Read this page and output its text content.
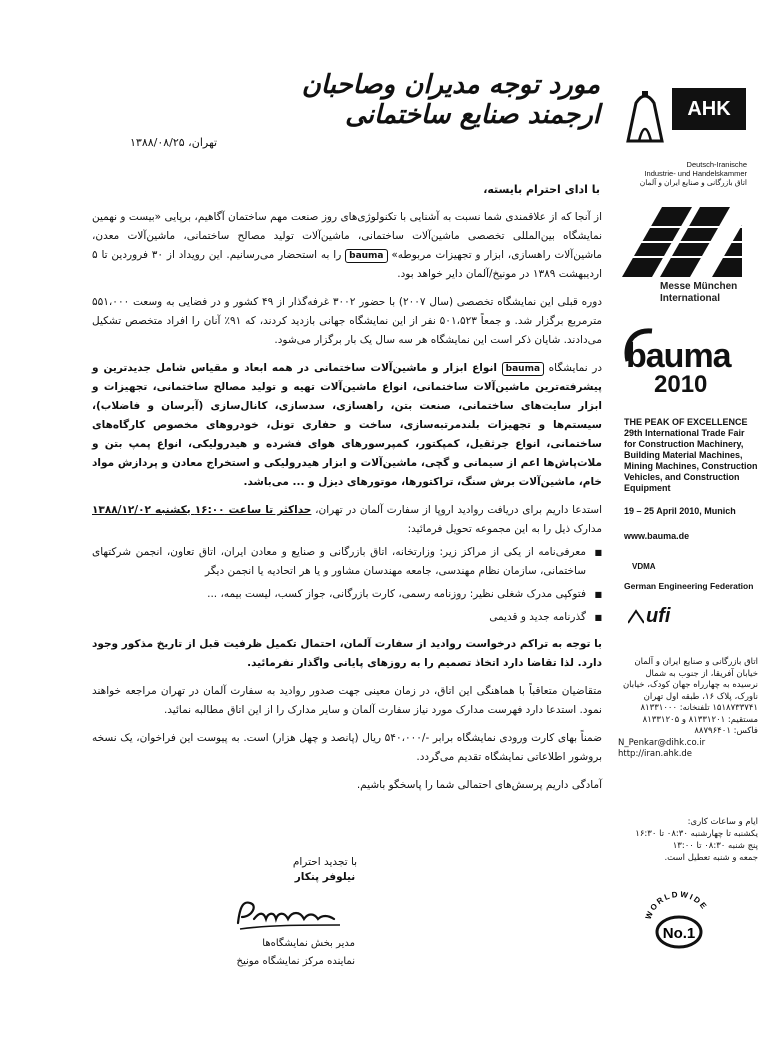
مورد توجه مدیران وصاحبان ارجمند صنایع ساختمانی
تهران، ۱۳۸۸/۰۸/۲۵
با ادای احترام بایسته،

از آنجا که از علاقمندی شما نسبت به آشنایی با تکنولوژی‌های روز صنعت مهم ساختمان آگاهیم، برپایی «بیست و نهمین نمایشگاه بین‌المللی تخصصی ماشین‌آلات ساختمانی، ماشین‌آلات تولید مصالح ساختمانی، ماشین‌آلات معدن، ماشین‌آلات راهسازی، ابزار و تجهیزات مربوطه» bauma را به استحضار می‌رسانیم. این رویداد از ۳۰ فروردین تا ۵ اردیبهشت ۱۳۸۹ در مونیخ/آلمان دایر خواهد بود.

دوره قبلی این نمایشگاه تخصصی (سال ۲۰۰۷) با حضور ۳۰۰۲ غرفه‌گذار از ۴۹ کشور و در فضایی به وسعت ۵۵۱،۰۰۰ مترمربع برگزار شد. و جمعاً ۵۰۱،۵۲۳ نفر از این نمایشگاه جهانی بازدید کردند، که ۹۱٪ آنان را افراد متخصص تشکیل می‌دادند. شایان ذکر است این نمایشگاه هر سه سال یک بار برگزار می‌شود.

در نمایشگاه bauma انواع ابزار و ماشین‌آلات ساختمانی در همه ابعاد و مقیاس شامل جدیدترین و پیشرفته‌ترین ماشین‌آلات ساختمانی، انواع ماشین‌آلات تهیه و تولید مصالح ساختمانی، تجهیزات و ابزار سایت‌های ساختمانی، صنعت بتن، راهسازی، سدسازی، کانال‌سازی (آبرسان و فاضلاب)، سیستم‌ها و تجهیزات بلندمرتبه‌سازی، ساخت و حفاری تونل، خودروهای مخصوص کارگاه‌های ساختمانی، انواع جرثقیل، کمپکتور، کمپرسورهای هوای فشرده و هیدرولیکی، انواع پمپ بتن و ملات‌پاش‌ها اعم از سیمانی و گچی، ماشین‌آلات و ابزار هیدرولیکی و استخراج معادن و پردازش مواد خام، ماشین‌آلات برش سنگ، تراکتورها، موتورهای دیزل و ... می‌باشد.

استدعا داریم برای دریافت روادید اروپا از سفارت آلمان در تهران، حداکثر تا ساعت ۱۶:۰۰ یکشنبه ۱۳۸۸/۱۲/۰۲ مدارک ذیل را به این مجموعه تحویل فرمائید:

■ معرفی‌نامه از یکی از مراکز زیر: وزارتخانه، اتاق بازرگانی و صنایع و معادن ایران، اتاق تعاون، انجمن شرکتهای ساختمانی، سازمان نظام مهندسی، جامعه مهندسان مشاور و یا هر اتحادیه یا انجمن دیگر
■ فتوکپی مدرک شغلی نظیر: روزنامه رسمی، کارت بازرگانی، جواز کسب، لیست بیمه، ...
■ گذرنامه جدید و قدیمی

با توجه به تراکم درخواست روادید از سفارت آلمان، احتمال تکمیل ظرفیت قبل از تاریخ مذکور وجود دارد. لذا تقاضا دارد اتخاذ تصمیم را به روزهای پایانی واگذار نفرمائید.

متقاضیان متعاقباً با هماهنگی این اتاق، در زمان معینی جهت صدور روادید به سفارت آلمان در تهران مراجعه خواهند نمود. استدعا دارد فهرست مدارک مورد نیاز سفارت آلمان و سایر مدارک را از این اتاق مطالبه نمائید.

ضمناً بهای کارت ورودی نمایشگاه برابر -/۵۴۰،۰۰۰ ریال (پانصد و چهل هزار) است. به پیوست این فراخوان، یک نسخه بروشور اطلاعاتی نمایشگاه تقدیم می‌گردد.

آمادگی داریم پرسش‌های احتمالی شما را پاسخگو باشیم.

با تجدید احترام
نیلوفر پنکار
مدیر بخش نمایشگاه‌ها
نماینده مرکز نمایشگاه مونیخ
AHK
Deutsch-Iranische
Industrie- und Handelskammer
اتاق بازرگانی و صنایع ایران و آلمان
Messe München
International
bauma
2010
THE PEAK OF EXCELLENCE
29th International Trade Fair for Construction Machinery, Building Material Machines, Mining Machines, Construction Vehicles, and Construction Equipment
19 – 25 April 2010, Munich
www.bauma.de
VDMA
German Engineering Federation
ufi
اتاق بازرگانی و صنایع ایران و آلمان خیابان آفریقا، از جنوب به شمال نرسیده به چهارراه جهان کودک، خیابان ناورک، پلاک ۱۶، طبقه اول تهران ۱۵۱۸۷۳۳۷۴۱ تلفنخانه: ۸۱۳۳۱۰۰۰ مستقیم: ۸۱۳۳۱۲۰۱ و ۸۱۳۳۱۲۰۵ فاکس: ۸۸۷۹۶۴۰۱
N_Penkar@dihk.co.ir
http://iran.ahk.de
ایام و ساعات کاری:
یکشنبه تا چهارشنبه ۰۸:۳۰ تا ۱۶:۳۰
پنج شنبه ۰۸:۳۰ تا ۱۳:۰۰
جمعه و شنبه تعطیل است.
WORLDWIDE
No.1
